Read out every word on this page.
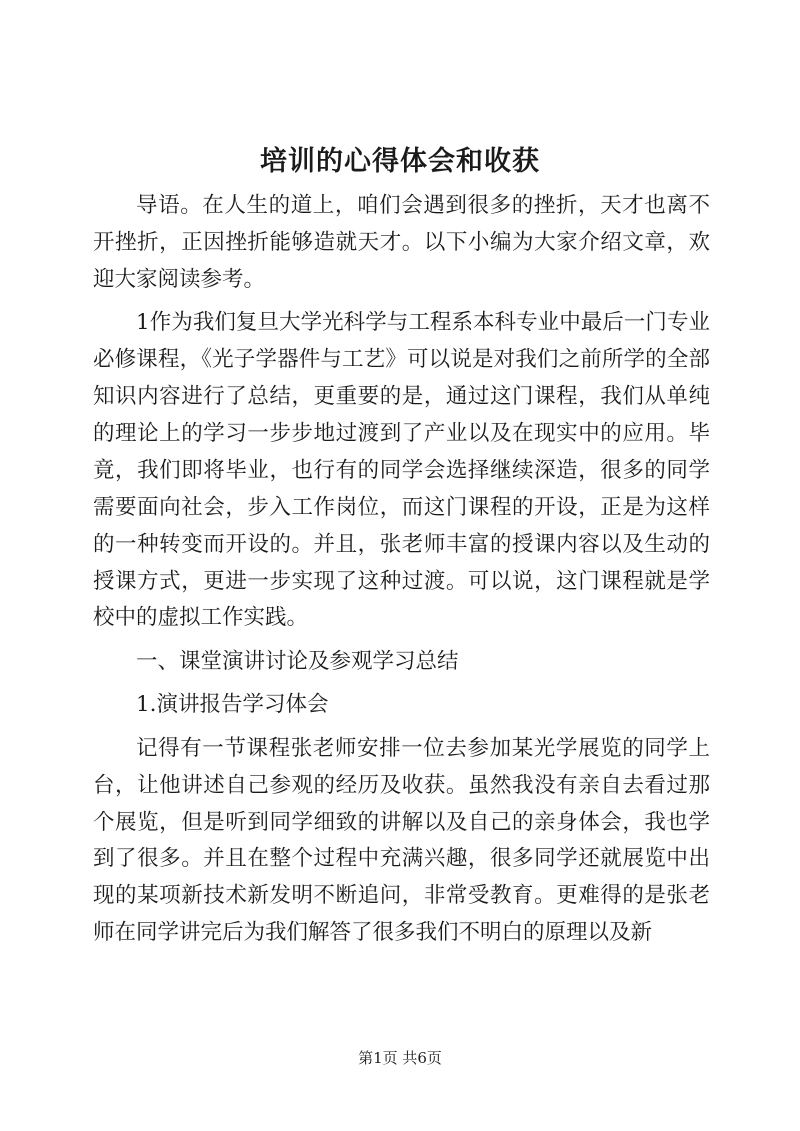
培训的心得体会和收获

导语。在人生的道上，咱们会遇到很多的挫折，天才也离不开挫折，正因挫折能够造就天才。以下小编为大家介绍文章，欢迎大家阅读参考。

1作为我们复旦大学光科学与工程系本科专业中最后一门专业必修课程，《光子学器件与工艺》可以说是对我们之前所学的全部知识内容进行了总结，更重要的是，通过这门课程，我们从单纯的理论上的学习一步步地过渡到了产业以及在现实中的应用。毕竟，我们即将毕业，也行有的同学会选择继续深造，很多的同学需要面向社会，步入工作岗位，而这门课程的开设，正是为这样的一种转变而开设的。并且，张老师丰富的授课内容以及生动的授课方式，更进一步实现了这种过渡。可以说，这门课程就是学校中的虚拟工作实践。

一、课堂演讲讨论及参观学习总结

1.演讲报告学习体会

记得有一节课程张老师安排一位去参加某光学展览的同学上台，让他讲述自己参观的经历及收获。虽然我没有亲自去看过那个展览，但是听到同学细致的讲解以及自己的亲身体会，我也学到了很多。并且在整个过程中充满兴趣，很多同学还就展览中出现的某项新技术新发明不断追问，非常受教育。更难得的是张老师在同学讲完后为我们解答了很多我们不明白的原理以及新

第1页 共6页
